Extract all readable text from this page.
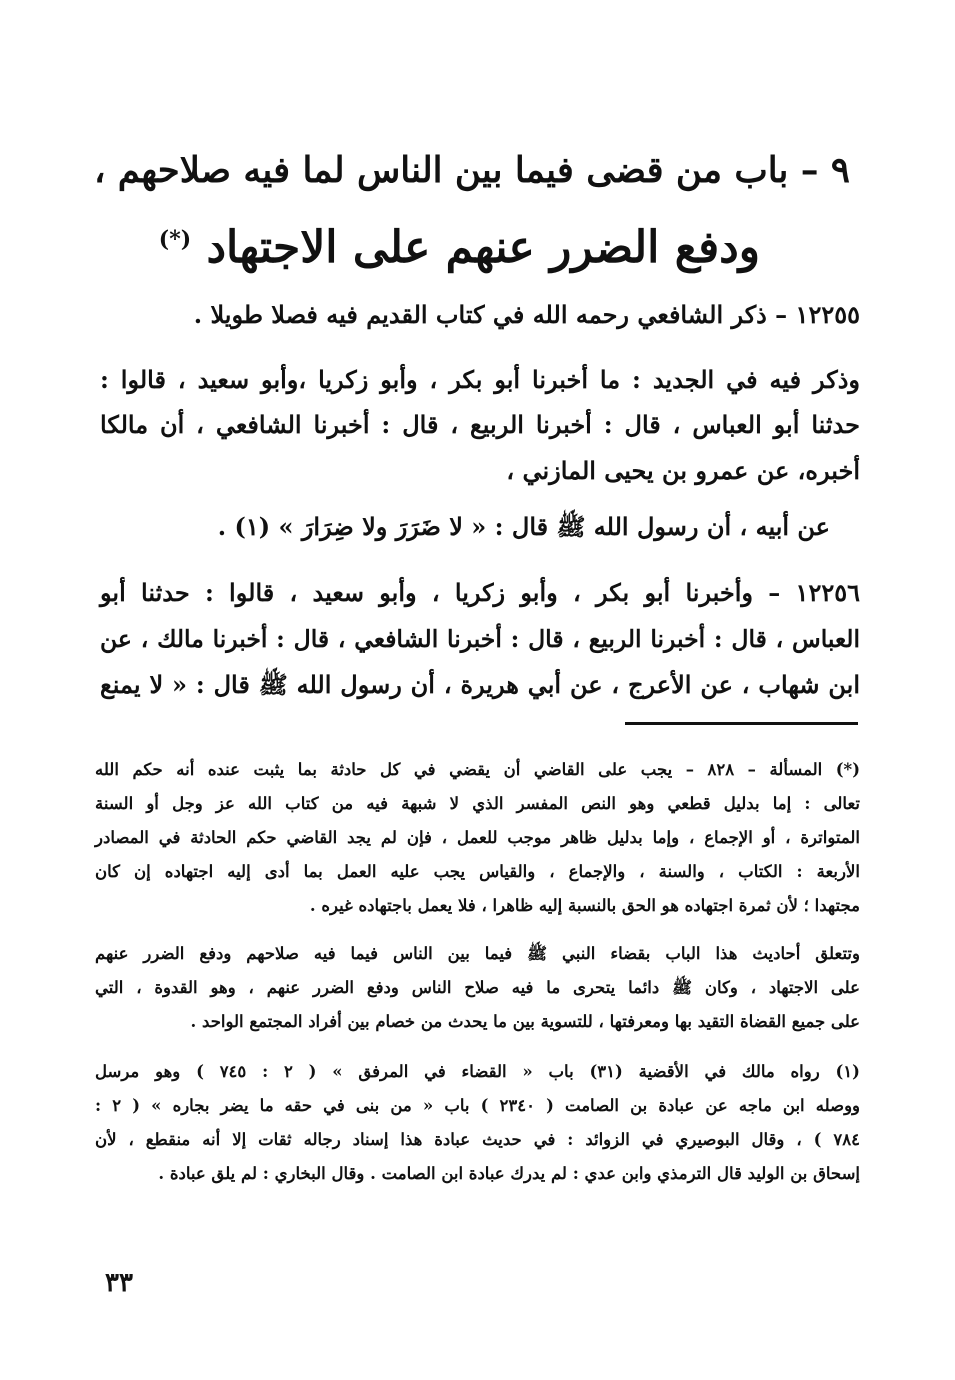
٩ – باب من قضى فيما بين الناس لما فيه صلاحهم ،
ودفع الضرر عنهم على الاجتهاد (*)
١٢٢٥٥ – ذكر الشافعي رحمه الله في كتاب القديم فيه فصلا طويلا .
وذكر فيه في الجديد : ما أخبرنا أبو بكر ، وأبو زكريا ،وأبو سعيد ، قالوا :
حدثنا أبو العباس ، قال : أخبرنا الربيع ، قال : أخبرنا الشافعي ، أن مالكا
أخبره، عن عمرو بن يحيى المازني ،
عن أبيه ، أن رسول الله ﷺ قال : « لا ضَرَرَ ولا ضِرَارَ » (١) .
١٢٢٥٦ – وأخبرنا أبو بكر ، وأبو زكريا ، وأبو سعيد ، قالوا : حدثنا أبو
العباس ، قال : أخبرنا الربيع ، قال : أخبرنا الشافعي ، قال : أخبرنا مالك ، عن
ابن شهاب ، عن الأعرج ، عن أبي هريرة ، أن رسول الله ﷺ قال : « لا يمنع
(*) المسألة – ٨٢٨ – يجب على القاضي أن يقضي في كل حادثة بما يثبت عنده أنه حكم الله
تعالى : إما بدليل قطعي وهو النص المفسر الذي لا شبهة فيه من كتاب الله عز وجل أو السنة
المتواترة ، أو الإجماع ، وإما بدليل ظاهر موجب للعمل ، فإن لم يجد القاضي حكم الحادثة في المصادر
الأربعة : الكتاب ، والسنة ، والإجماع ، والقياس يجب عليه العمل بما أدى إليه اجتهاده إن كان
مجتهدا ؛ لأن ثمرة اجتهاده هو الحق بالنسبة إليه ظاهرا ، فلا يعمل باجتهاده غيره .
وتتعلق أحاديث هذا الباب بقضاء النبي ﷺ فيما بين الناس فيما فيه صلاحهم ودفع الضرر عنهم
على الاجتهاد ، وكان ﷺ دائما يتحرى ما فيه صلاح الناس ودفع الضرر عنهم ، وهو القدوة ، التي
على جميع القضاة التقيد بها ومعرفتها ، للتسوية بين ما يحدث من خصام بين أفراد المجتمع الواحد .
(١) رواه مالك في الأقضية (٣١) باب « القضاء في المرفق » ( ٢ : ٧٤٥ ) وهو مرسل
ووصله ابن ماجه عن عبادة بن الصامت ( ٢٣٤٠ ) باب « من بنى في حقه ما يضر بجاره » ( ٢ :
٧٨٤ ) ، وقال البوصيري في الزوائد : في حديث عبادة هذا إسناد رجاله ثقات إلا أنه منقطع ، لأن
إسحاق بن الوليد قال الترمذي وابن عدي : لم يدرك عبادة ابن الصامت . وقال البخاري : لم يلق عبادة .
٣٣
